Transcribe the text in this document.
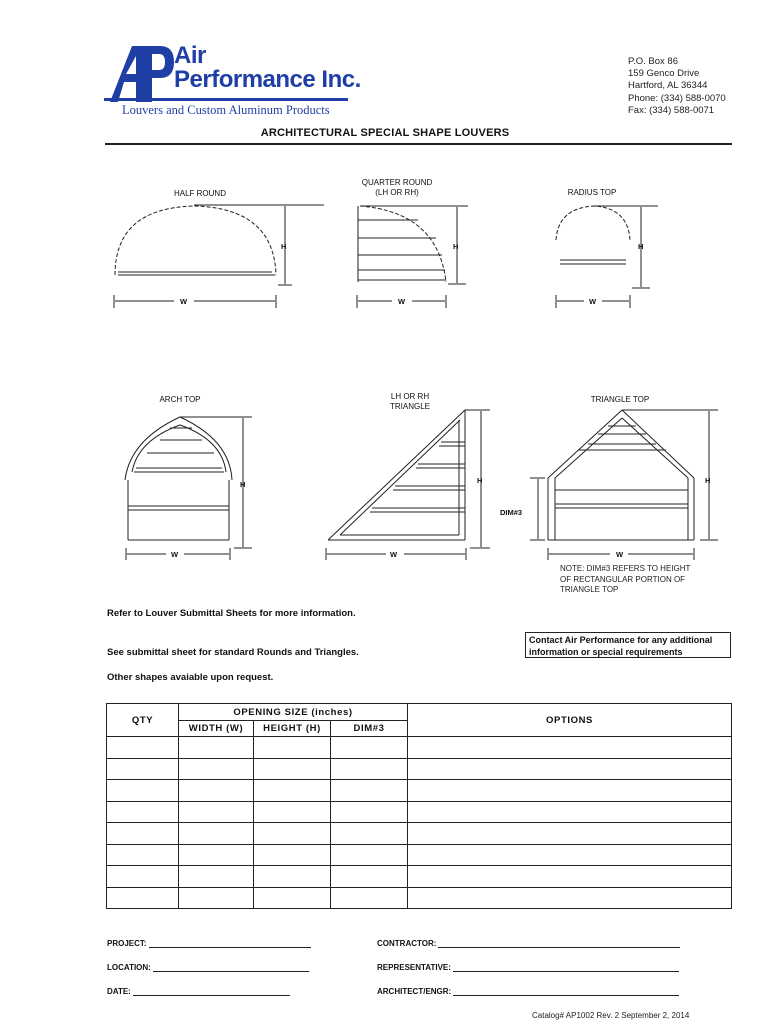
Air
Performance Inc.
Louvers and Custom Aluminum Products
P.O. Box 86
159 Genco Drive
Hartford, AL 36344
Phone: (334) 588-0070
Fax: (334) 588-0071
ARCHITECTURAL SPECIAL SHAPE LOUVERS
HALF ROUND
QUARTER ROUND
(LH OR RH)	RADIUS TOP
ARCH TOP	LH OR RH
TRIANGLE
TRIANGLE TOP
H
W
H
W
H
W
H
W
H
W
DIM#3
H
W
NOTE: DIM#3 REFERS TO HEIGHT
OF RECTANGULAR PORTION OF
TRIANGLE TOP
Refer to Louver Submittal Sheets for more information.
See submittal sheet for standard Rounds and Triangles.
Other shapes avaiable upon request.
Contact Air Performance for any additional
information or special requirements
QTY	OPENING SIZE (inches)			OPTIONS
	WIDTH (W)	HEIGHT (H)	DIM#3	

PROJECT:
LOCATION:
DATE:
CONTRACTOR:
REPRESENTATIVE:
ARCHITECT/ENGR:
Catalog# AP1002 Rev. 2 September 2, 2014
